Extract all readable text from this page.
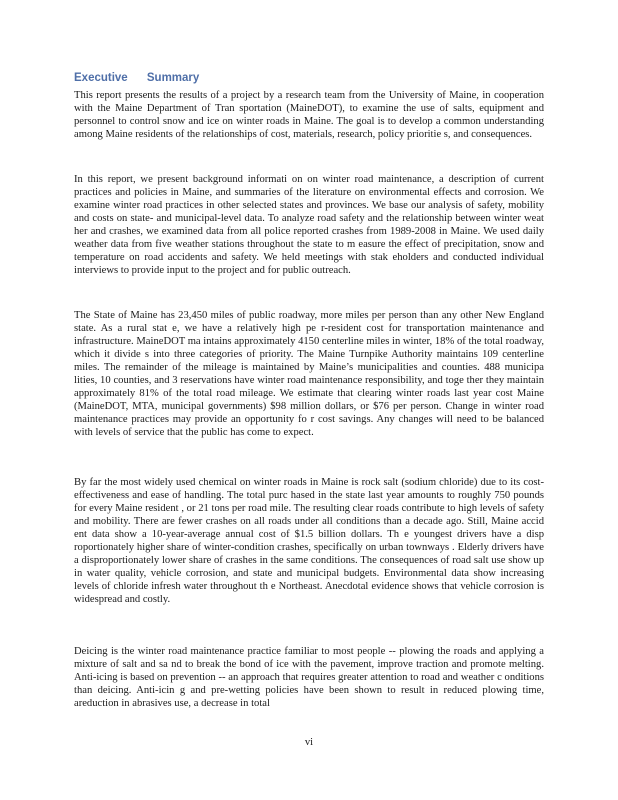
Executive      Summary

This report presents the results of a project by a research team from the University of Maine, in cooperation with the Maine Department of Tran sportation (MaineDOT), to examine the use of salts, equipment and personnel to control snow and ice on winter roads in Maine. The goal is to develop a common understanding among Maine residents of the relationships of cost, materials, research, policy prioritie s, and consequences.

In this report, we present background informati on on winter road maintenance, a description of current practices and policies in Maine, and summaries of the literature on environmental effects and corrosion. We examine winter road practices in other selected states and provinces. We base our analysis of safety, mobility and costs on state- and municipal-level data. To analyze road safety and the relationship between winter weat her and crashes, we examined data from all police reported crashes from 1989-2008 in Maine. We used daily weather data from five weather stations throughout the state to m easure the effect of precipitation, snow and temperature on road accidents and safety. We held meetings with stak eholders and conducted individual interviews to provide input to the project and for public outreach.

The State of Maine has 23,450 miles of public roadway, more miles per person than any other New England state. As a rural stat e, we have a relatively high pe r-resident cost for transportation maintenance and infrastructure. MaineDOT ma intains approximately 4150 centerline miles in winter, 18% of the total roadway, which it divide s into three categories of priority. The Maine Turnpike Authority maintains 109 centerline miles. The remainder of the mileage is maintained by Maine’s municipalities and counties. 488 municipa lities, 10 counties, and 3 reservations have winter road maintenance responsibility, and toge ther they maintain approximately 81% of the total road mileage. We estimate that clearing winter roads last year cost Maine (MaineDOT, MTA, municipal governments) $98 million dollars, or $76 per person. Change in winter road maintenance practices may provide an opportunity fo r cost savings. Any changes will need to be balanced with levels of service that the public has come to expect.

By far the most widely used chemical on winter roads in Maine is rock salt (sodium chloride) due to its cost-effectiveness and ease of handling. The total purc hased in the state last year amounts to roughly 750 pounds for every Maine resident , or 21 tons per road mile. The resulting clear roads contribute to high levels of safety and mobility. There are fewer crashes on all roads under all conditions than a decade ago. Still, Maine accid ent data show a 10-year-average annual cost of $1.5 billion dollars. Th e youngest drivers have a disp roportionately higher share of winter-condition crashes, specifically on urban townways . Elderly drivers have a disproportionately lower share of crashes in the same conditions. The consequences of road salt use show up in water quality, vehicle corrosion, and state and municipal budgets. Environmental data show increasing levels of chloride infresh water throughout th e Northeast. Anecdotal evidence shows that vehicle corrosion is widespread and costly.

Deicing is the winter road maintenance practice familiar to most people -- plowing the roads and applying a mixture of salt and sa nd to break the bond of ice with the pavement, improve traction and promote melting. Anti-icing is based on prevention -- an approach that requires greater attention to road and weather c onditions than deicing. Anti-icin g and pre-wetting policies have been shown to result in reduced plowing time, areduction in abrasives use, a decrease in total

vi
